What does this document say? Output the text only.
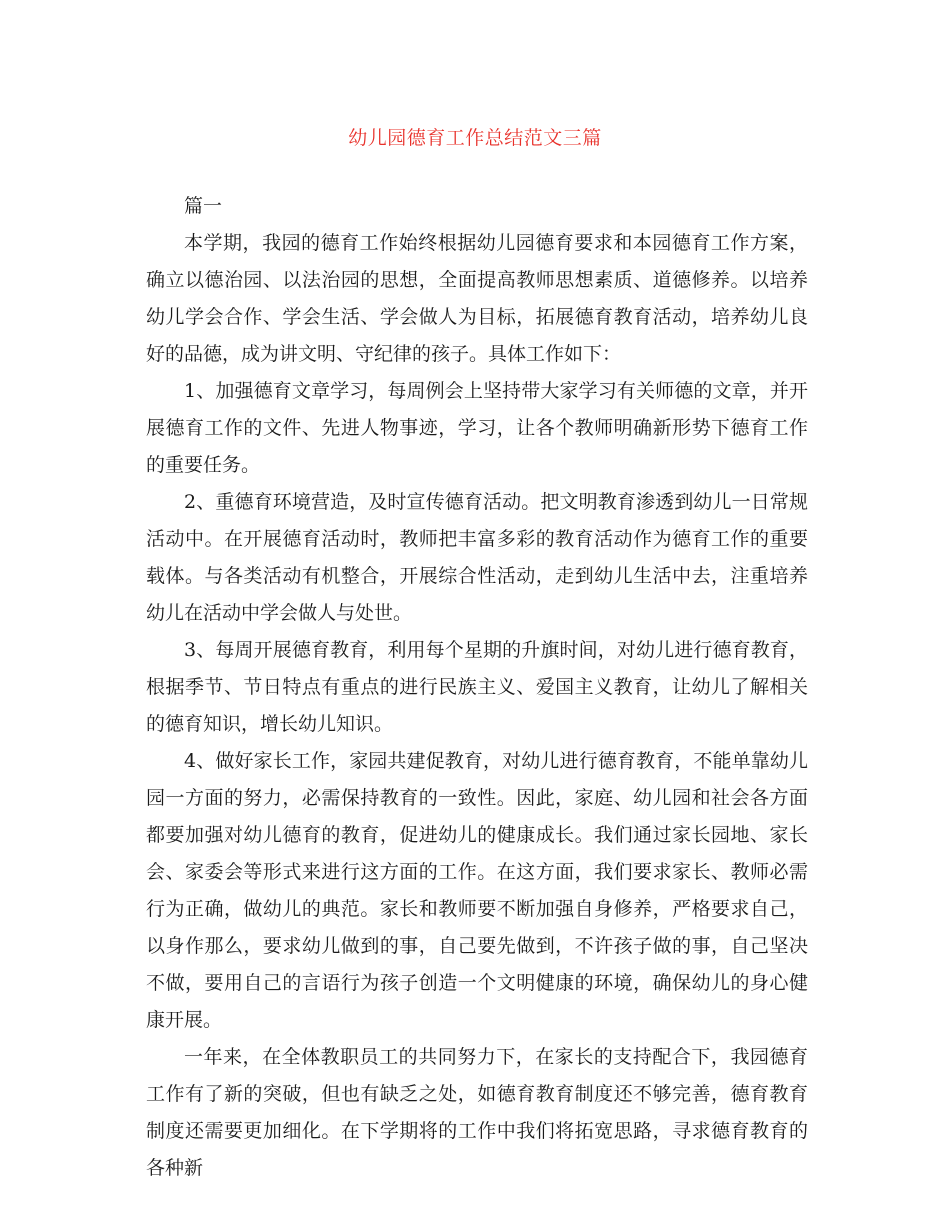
幼儿园德育工作总结范文三篇

篇一

本学期，我园的德育工作始终根据幼儿园德育要求和本园德育工作方案，确立以德治园、以法治园的思想，全面提高教师思想素质、道德修养。以培养幼儿学会合作、学会生活、学会做人为目标，拓展德育教育活动，培养幼儿良好的品德，成为讲文明、守纪律的孩子。具体工作如下：

1、加强德育文章学习，每周例会上坚持带大家学习有关师德的文章，并开展德育工作的文件、先进人物事迹，学习，让各个教师明确新形势下德育工作的重要任务。

2、重德育环境营造，及时宣传德育活动。把文明教育渗透到幼儿一日常规活动中。在开展德育活动时，教师把丰富多彩的教育活动作为德育工作的重要载体。与各类活动有机整合，开展综合性活动，走到幼儿生活中去，注重培养幼儿在活动中学会做人与处世。

3、每周开展德育教育，利用每个星期的升旗时间，对幼儿进行德育教育，根据季节、节日特点有重点的进行民族主义、爱国主义教育，让幼儿了解相关的德育知识，增长幼儿知识。

4、做好家长工作，家园共建促教育，对幼儿进行德育教育，不能单靠幼儿园一方面的努力，必需保持教育的一致性。因此，家庭、幼儿园和社会各方面都要加强对幼儿德育的教育，促进幼儿的健康成长。我们通过家长园地、家长会、家委会等形式来进行这方面的工作。在这方面，我们要求家长、教师必需行为正确，做幼儿的典范。家长和教师要不断加强自身修养，严格要求自己，以身作那么，要求幼儿做到的事，自己要先做到，不许孩子做的事，自己坚决不做，要用自己的言语行为孩子创造一个文明健康的环境，确保幼儿的身心健康开展。

一年来，在全体教职员工的共同努力下，在家长的支持配合下，我园德育工作有了新的突破，但也有缺乏之处，如德育教育制度还不够完善，德育教育制度还需要更加细化。在下学期将的工作中我们将拓宽思路，寻求德育教育的各种新
